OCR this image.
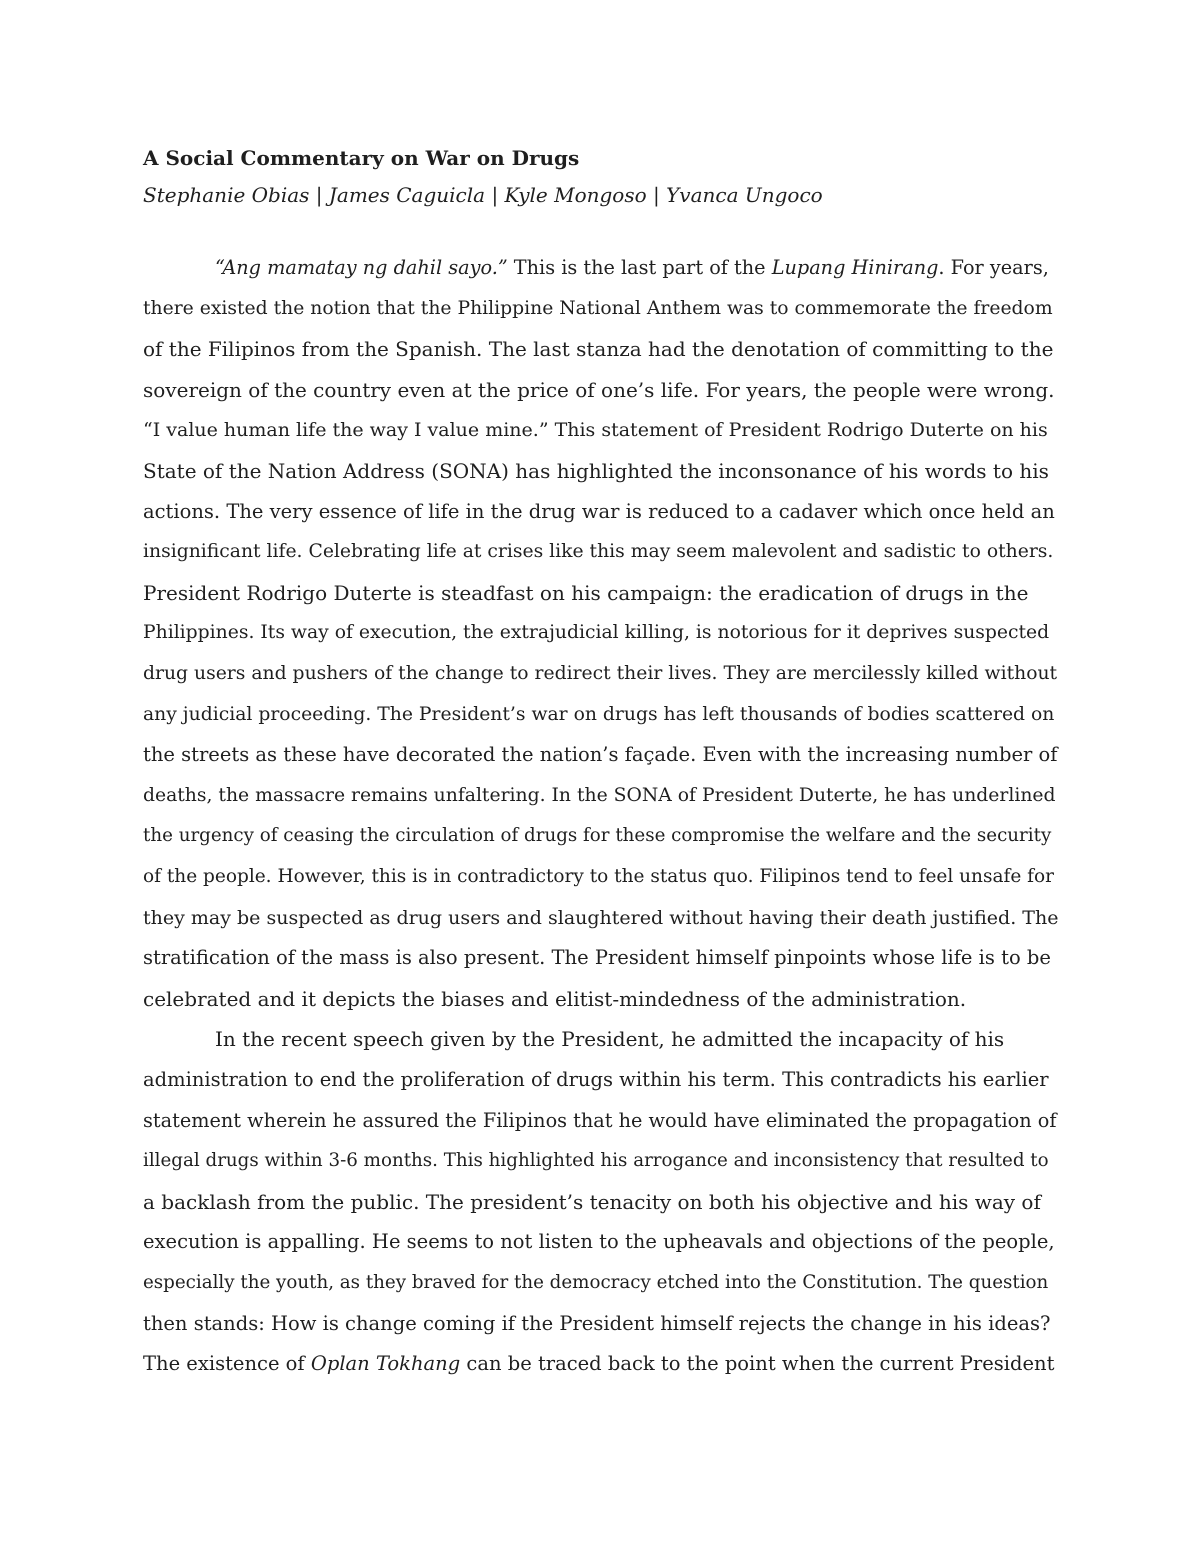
A Social Commentary on War on Drugs
Stephanie Obias | James Caguicla | Kyle Mongoso | Yvanca Ungoco
“Ang mamatay ng dahil sayo.” This is the last part of the Lupang Hinirang. For years,
there existed the notion that the Philippine National Anthem was to commemorate the freedom
of the Filipinos from the Spanish. The last stanza had the denotation of committing to the
sovereign of the country even at the price of one’s life. For years, the people were wrong.
“I value human life the way I value mine.” This statement of President Rodrigo Duterte on his
State of the Nation Address (SONA) has highlighted the inconsonance of his words to his
actions. The very essence of life in the drug war is reduced to a cadaver which once held an
insignificant life. Celebrating life at crises like this may seem malevolent and sadistic to others.
President Rodrigo Duterte is steadfast on his campaign: the eradication of drugs in the
Philippines. Its way of execution, the extrajudicial killing, is notorious for it deprives suspected
drug users and pushers of the change to redirect their lives. They are mercilessly killed without
any judicial proceeding. The President’s war on drugs has left thousands of bodies scattered on
the streets as these have decorated the nation’s façade. Even with the increasing number of
deaths, the massacre remains unfaltering. In the SONA of President Duterte, he has underlined
the urgency of ceasing the circulation of drugs for these compromise the welfare and the security
of the people. However, this is in contradictory to the status quo. Filipinos tend to feel unsafe for
they may be suspected as drug users and slaughtered without having their death justified. The
stratification of the mass is also present. The President himself pinpoints whose life is to be
celebrated and it depicts the biases and elitist-mindedness of the administration.
In the recent speech given by the President, he admitted the incapacity of his
administration to end the proliferation of drugs within his term. This contradicts his earlier
statement wherein he assured the Filipinos that he would have eliminated the propagation of
illegal drugs within 3-6 months. This highlighted his arrogance and inconsistency that resulted to
a backlash from the public. The president’s tenacity on both his objective and his way of
execution is appalling. He seems to not listen to the upheavals and objections of the people,
especially the youth, as they braved for the democracy etched into the Constitution. The question
then stands: How is change coming if the President himself rejects the change in his ideas?
The existence of Oplan Tokhang can be traced back to the point when the current President
